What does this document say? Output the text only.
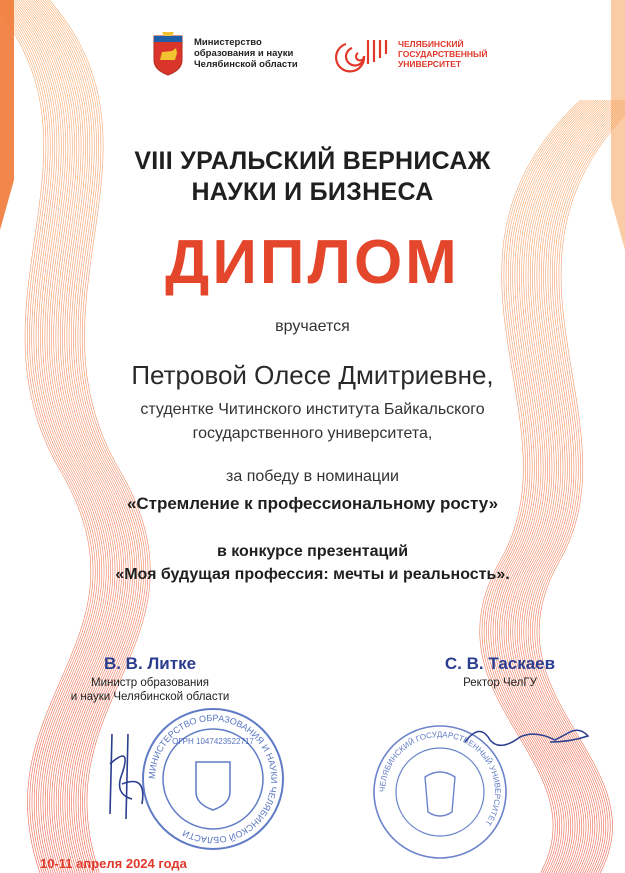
Министерство
образования и науки
Челябинской области
ЧЕЛЯБИНСКИЙ
ГОСУДАРСТВЕННЫЙ
УНИВЕРСИТЕТ
VIII УРАЛЬСКИЙ ВЕРНИСАЖ
НАУКИ И БИЗНЕСА
ДИПЛОМ
вручается
Петровой Олесе Дмитриевне,
студентке Читинского института Байкальского
государственного университета,
за победу в номинации
«Стремление к профессиональному росту»
в конкурсе презентаций
«Моя будущая профессия: мечты и реальность».
В. В. Литке
Министр образования
и науки Челябинской области
С. В. Таскаев
Ректор ЧелГУ
МИНИСТЕРСТВО ОБРАЗОВАНИЯ И НАУКИ ЧЕЛЯБИНСКОЙ ОБЛАСТИ
ОГРН 1047423522717
ЧЕЛЯБИНСКИЙ ГОСУДАРСТВЕННЫЙ УНИВЕРСИТЕТ
10-11 апреля 2024 года
